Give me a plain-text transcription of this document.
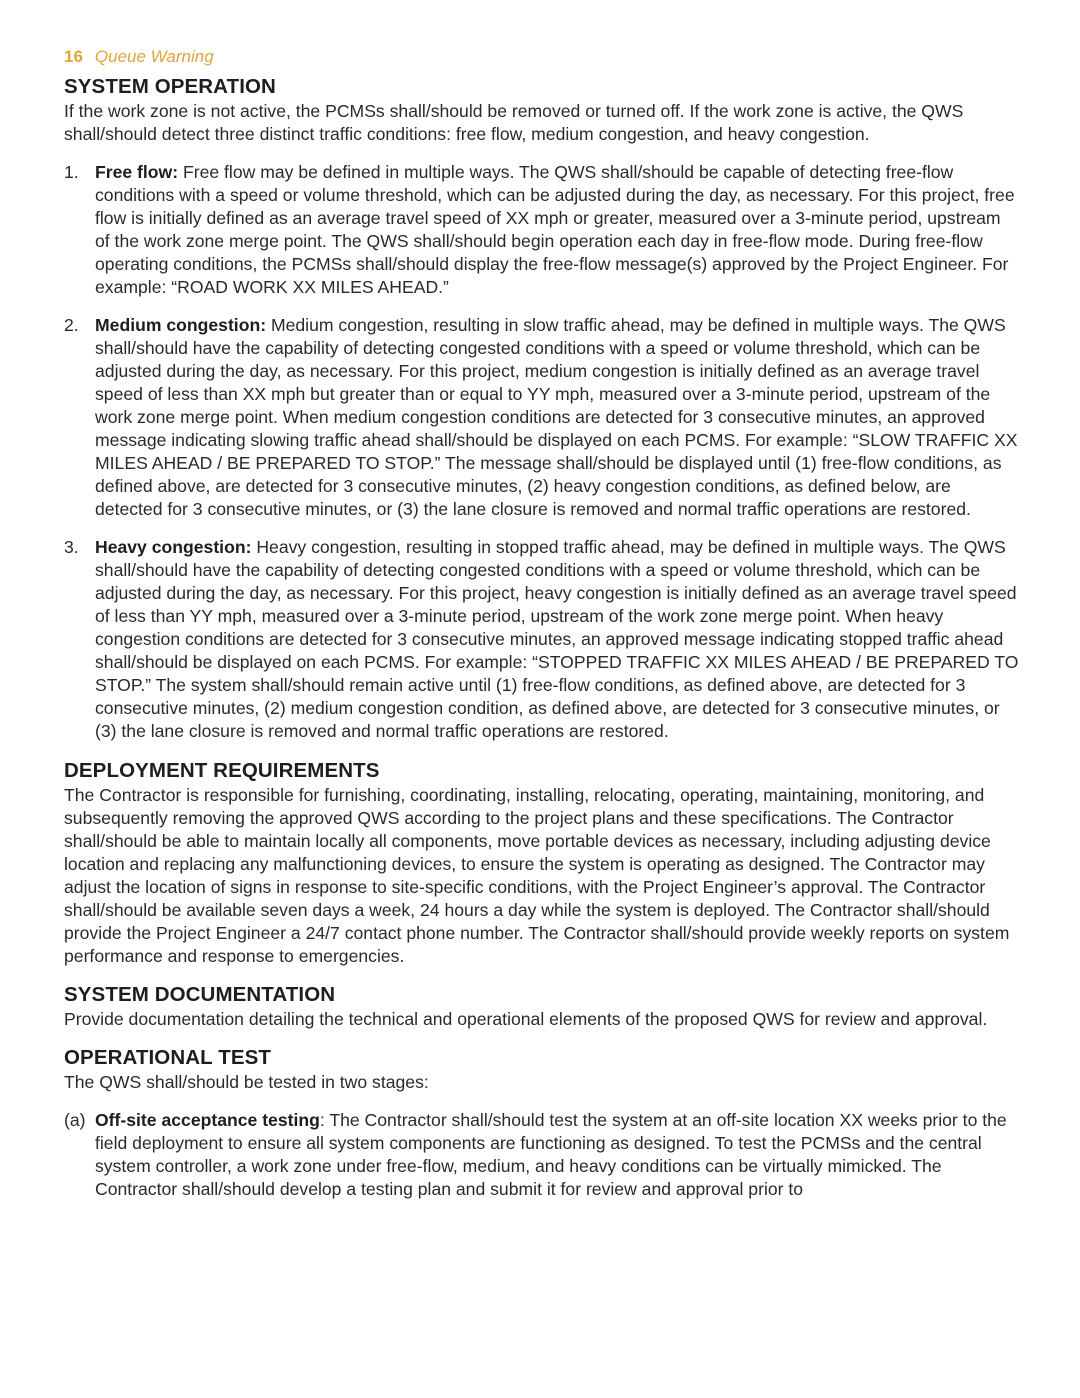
16 Queue Warning
SYSTEM OPERATION

If the work zone is not active, the PCMSs shall/should be removed or turned off. If the work zone is active, the QWS shall/should detect three distinct traffic conditions: free flow, medium congestion, and heavy congestion.

1. Free flow: Free flow may be defined in multiple ways. The QWS shall/should be capable of detecting free-flow conditions with a speed or volume threshold, which can be adjusted during the day, as necessary. For this project, free flow is initially defined as an average travel speed of XX mph or greater, measured over a 3-minute period, upstream of the work zone merge point. The QWS shall/should begin operation each day in free-flow mode. During free-flow operating conditions, the PCMSs shall/should display the free-flow message(s) approved by the Project Engineer. For example: “ROAD WORK XX MILES AHEAD.”
2. Medium congestion: Medium congestion, resulting in slow traffic ahead, may be defined in multiple ways. The QWS shall/should have the capability of detecting congested conditions with a speed or volume threshold, which can be adjusted during the day, as necessary. For this project, medium congestion is initially defined as an average travel speed of less than XX mph but greater than or equal to YY mph, measured over a 3-minute period, upstream of the work zone merge point. When medium congestion conditions are detected for 3 consecutive minutes, an approved message indicating slowing traffic ahead shall/should be displayed on each PCMS. For example: “SLOW TRAFFIC XX MILES AHEAD / BE PREPARED TO STOP.” The message shall/should be displayed until (1) free-flow conditions, as defined above, are detected for 3 consecutive minutes, (2) heavy congestion conditions, as defined below, are detected for 3 consecutive minutes, or (3) the lane closure is removed and normal traffic operations are restored.
3. Heavy congestion: Heavy congestion, resulting in stopped traffic ahead, may be defined in multiple ways. The QWS shall/should have the capability of detecting congested conditions with a speed or volume threshold, which can be adjusted during the day, as necessary. For this project, heavy congestion is initially defined as an average travel speed of less than YY mph, measured over a 3-minute period, upstream of the work zone merge point. When heavy congestion conditions are detected for 3 consecutive minutes, an approved message indicating stopped traffic ahead shall/should be displayed on each PCMS. For example: “STOPPED TRAFFIC XX MILES AHEAD / BE PREPARED TO STOP.” The system shall/should remain active until (1) free-flow conditions, as defined above, are detected for 3 consecutive minutes, (2) medium congestion condition, as defined above, are detected for 3 consecutive minutes, or (3) the lane closure is removed and normal traffic operations are restored.
DEPLOYMENT REQUIREMENTS

The Contractor is responsible for furnishing, coordinating, installing, relocating, operating, maintaining, monitoring, and subsequently removing the approved QWS according to the project plans and these specifications. The Contractor shall/should be able to maintain locally all components, move portable devices as necessary, including adjusting device location and replacing any malfunctioning devices, to ensure the system is operating as designed. The Contractor may adjust the location of signs in response to site-specific conditions, with the Project Engineer’s approval. The Contractor shall/should be available seven days a week, 24 hours a day while the system is deployed. The Contractor shall/should provide the Project Engineer a 24/7 contact phone number. The Contractor shall/should provide weekly reports on system performance and response to emergencies.

SYSTEM DOCUMENTATION

Provide documentation detailing the technical and operational elements of the proposed QWS for review and approval.

OPERATIONAL TEST

The QWS shall/should be tested in two stages:

(a) Off-site acceptance testing: The Contractor shall/should test the system at an off-site location XX weeks prior to the field deployment to ensure all system components are functioning as designed. To test the PCMSs and the central system controller, a work zone under free-flow, medium, and heavy conditions can be virtually mimicked. The Contractor shall/should develop a testing plan and submit it for review and approval prior to
